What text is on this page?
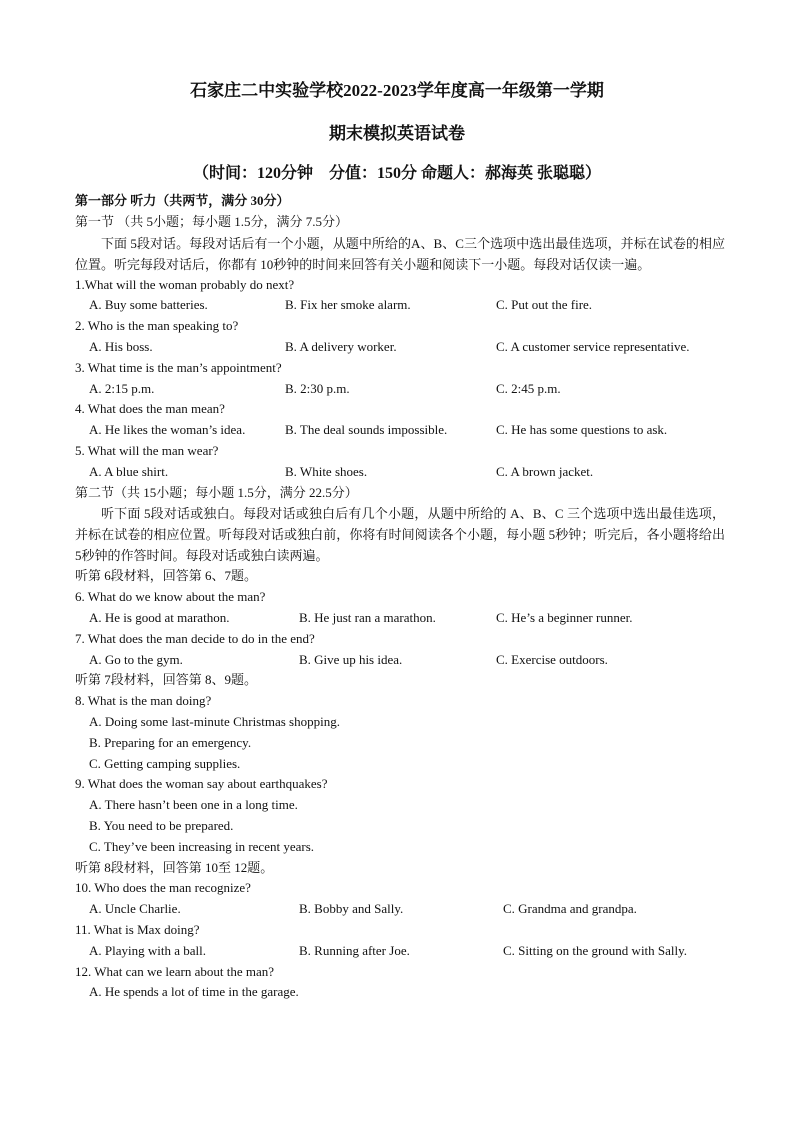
石家庄二中实验学校2022-2023学年度高一年级第一学期
期末模拟英语试卷
（时间：120分钟　分值：150分 命题人：郝海英 张聪聪）
第一部分 听力（共两节，满分 30分）
第一节 （共 5小题；每小题 1.5分，满分 7.5分）
下面 5段对话。每段对话后有一个小题，从题中所给的A、B、C三个选项中选出最佳选项，并标在试卷的相应位置。听完每段对话后，你都有 10秒钟的时间来回答有关小题和阅读下一小题。每段对话仅读一遍。
1.What will the woman probably do next?
A. Buy some batteries.	B. Fix her smoke alarm.	C. Put out the fire.
2. Who is the man speaking to?
A. His boss.	B. A delivery worker.	C. A customer service representative.
3. What time is the man’s appointment?
A. 2:15 p.m.	B. 2:30 p.m.	C. 2:45 p.m.
4. What does the man mean?
A. He likes the woman’s idea.	B. The deal sounds impossible.	C. He has some questions to ask.
5. What will the man wear?
A. A blue shirt.	B. White shoes.	C. A brown jacket.
第二节（共 15小题；每小题 1.5分，满分 22.5分）
听下面 5段对话或独白。每段对话或独白后有几个小题，从题中所给的 A、B、C 三个选项中选出最佳选项，并标在试卷的相应位置。听每段对话或独白前，你将有时间阅读各个小题，每小题 5秒钟；听完后，各小题将给出 5秒钟的作答时间。每段对话或独白读两遍。
听第 6段材料，回答第 6、7题。
6. What do we know about the man?
A. He is good at marathon.	B. He just ran a marathon.	C. He’s a beginner runner.
7. What does the man decide to do in the end?
A. Go to the gym.	B. Give up his idea.	C. Exercise outdoors.
听第 7段材料，回答第 8、9题。
8. What is the man doing?
A. Doing some last-minute Christmas shopping.
B. Preparing for an emergency.
C. Getting camping supplies.
9. What does the woman say about earthquakes?
A. There hasn’t been one in a long time.
B. You need to be prepared.
C. They’ve been increasing in recent years.
听第 8段材料，回答第 10至 12题。
10. Who does the man recognize?
A. Uncle Charlie.	B. Bobby and Sally.	C. Grandma and grandpa.
11. What is Max doing?
A. Playing with a ball.	B. Running after Joe.	C. Sitting on the ground with Sally.
12. What can we learn about the man?
A. He spends a lot of time in the garage.
